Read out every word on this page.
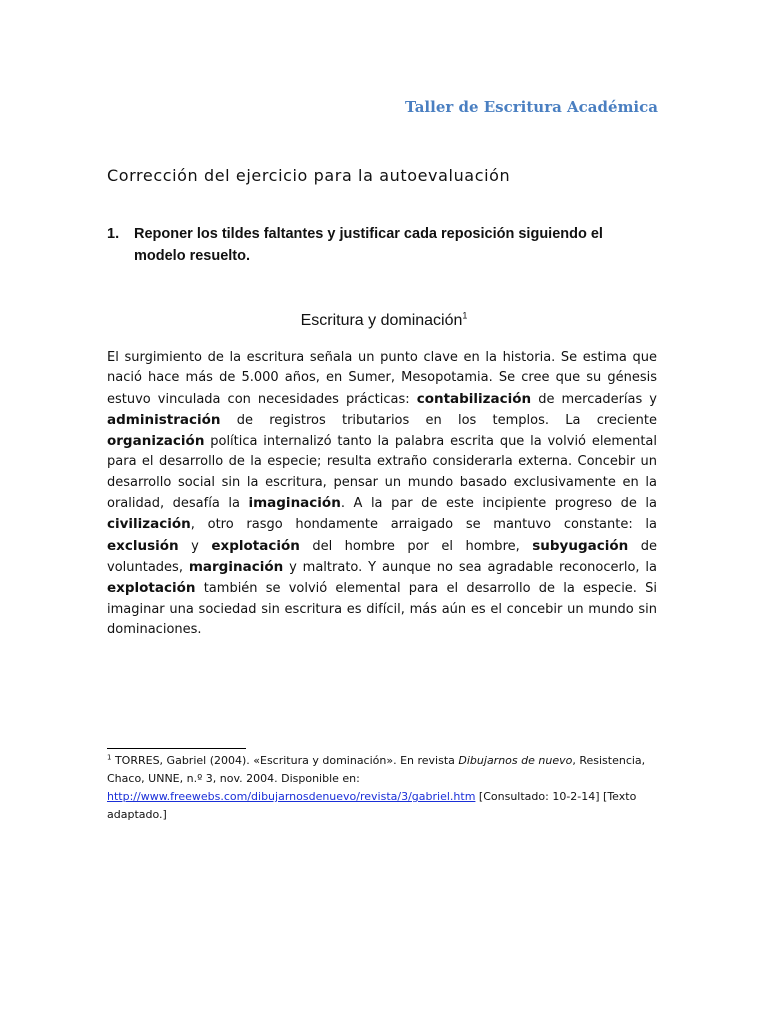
Taller de Escritura Académica
Corrección del ejercicio para la autoevaluación
1.	Reponer los tildes faltantes y justificar cada reposición siguiendo el modelo resuelto.
Escritura y dominación$^1$
El surgimiento de la escritura señala un punto clave en la historia. Se estima que nació hace más de 5.000 años, en Sumer, Mesopotamia. Se cree que su génesis estuvo vinculada con necesidades prácticas: contabilización de mercaderías y administración de registros tributarios en los templos. La creciente organización política internalizó tanto la palabra escrita que la volvió elemental para el desarrollo de la especie; resulta extraño considerarla externa. Concebir un desarrollo social sin la escritura, pensar un mundo basado exclusivamente en la oralidad, desafía la imaginación. A la par de este incipiente progreso de la civilización, otro rasgo hondamente arraigado se mantuvo constante: la exclusión y explotación del hombre por el hombre, subyugación de voluntades, marginación y maltrato. Y aunque no sea agradable reconocerlo, la explotación también se volvió elemental para el desarrollo de la especie. Si imaginar una sociedad sin escritura es difícil, más aún es el concebir un mundo sin dominaciones.
$^1$ TORRES, Gabriel (2004). «Escritura y dominación». En revista Dibujarnos de nuevo, Resistencia, Chaco, UNNE, n.º 3, nov. 2004. Disponible en:
http://www.freewebs.com/dibujarnosdenuevo/revista/3/gabriel.htm [Consultado: 10-2-14] [Texto adaptado.]
